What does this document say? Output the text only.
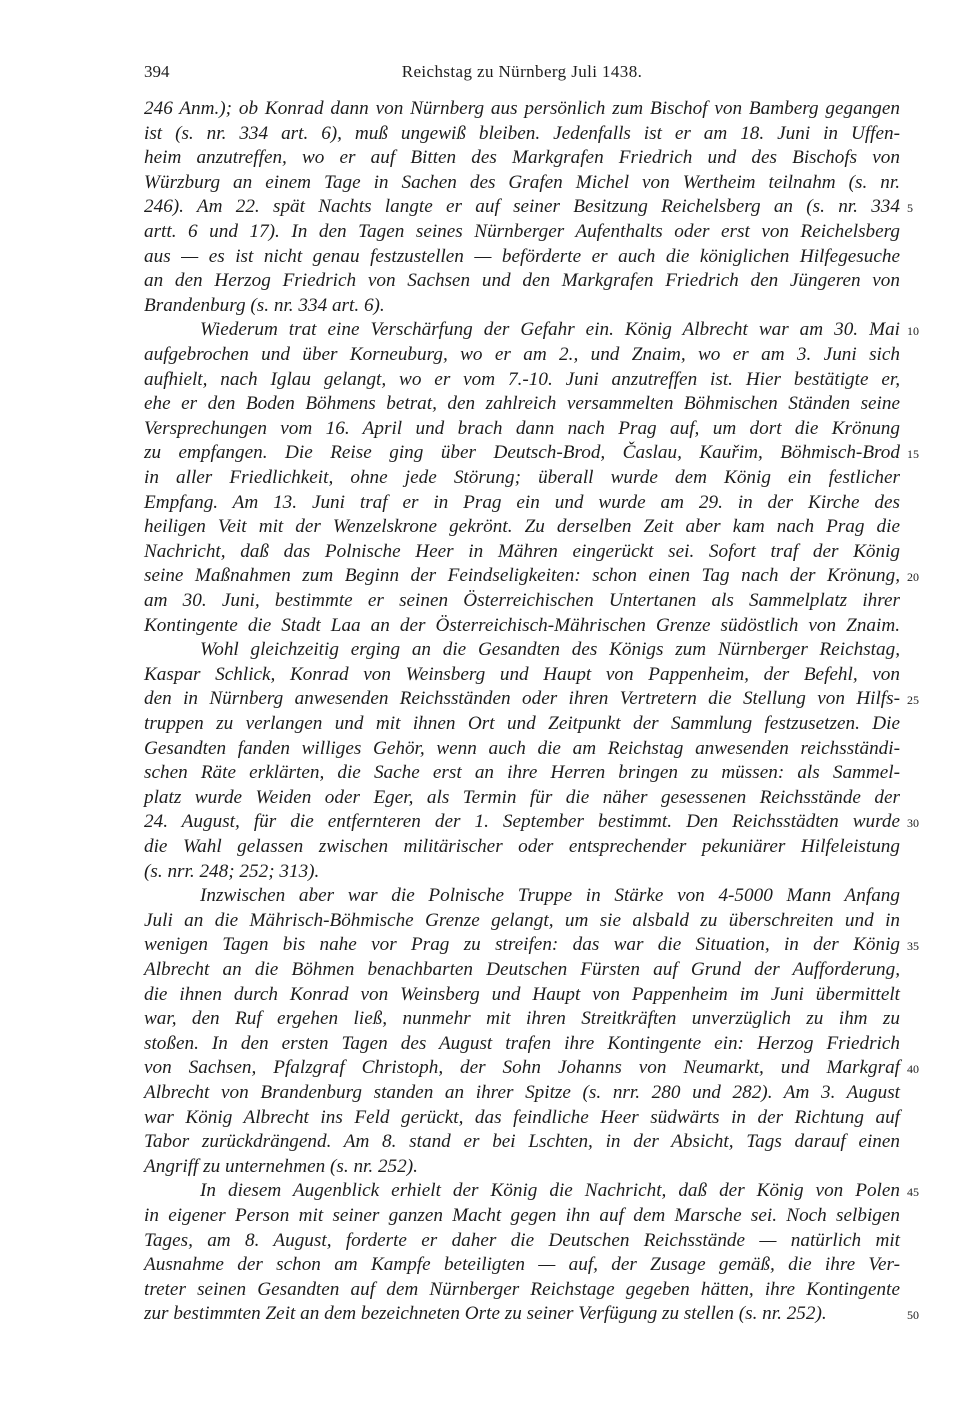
394	Reichstag zu Nürnberg Juli 1438.
246 Anm.); ob Konrad dann von Nürnberg aus persönlich zum Bischof von Bamberg gegangen
ist (s. nr. 334 art. 6), muß ungewiß bleiben. Jedenfalls ist er am 18. Juni in Uffen-
heim anzutreffen, wo er auf Bitten des Markgrafen Friedrich und des Bischofs von
Würzburg an einem Tage in Sachen des Grafen Michel von Wertheim teilnahm (s. nr.
246). Am 22. spät Nachts langte er auf seiner Besitzung Reichelsberg an (s. nr. 334
artt. 6 und 17). In den Tagen seines Nürnberger Aufenthalts oder erst von Reichelsberg
aus — es ist nicht genau festzustellen — beförderte er auch die königlichen Hilfegesuche
an den Herzog Friedrich von Sachsen und den Markgrafen Friedrich den Jüngeren von
Brandenburg (s. nr. 334 art. 6).
Wiederum trat eine Verschärfung der Gefahr ein. König Albrecht war am 30. Mai
aufgebrochen und über Korneuburg, wo er am 2., und Znaim, wo er am 3. Juni sich
aufhielt, nach Iglau gelangt, wo er vom 7.-10. Juni anzutreffen ist. Hier bestätigte er,
ehe er den Boden Böhmens betrat, den zahlreich versammelten Böhmischen Ständen seine
Versprechungen vom 16. April und brach dann nach Prag auf, um dort die Krönung
zu empfangen. Die Reise ging über Deutsch-Brod, Časlau, Kauřim, Böhmisch-Brod
in aller Friedlichkeit, ohne jede Störung; überall wurde dem König ein festlicher
Empfang. Am 13. Juni traf er in Prag ein und wurde am 29. in der Kirche des
heiligen Veit mit der Wenzelskrone gekrönt. Zu derselben Zeit aber kam nach Prag die
Nachricht, daß das Polnische Heer in Mähren eingerückt sei. Sofort traf der König
seine Maßnahmen zum Beginn der Feindseligkeiten: schon einen Tag nach der Krönung,
am 30. Juni, bestimmte er seinen Österreichischen Untertanen als Sammelplatz ihrer
Kontingente die Stadt Laa an der Österreichisch-Mährischen Grenze südöstlich von Znaim.
Wohl gleichzeitig erging an die Gesandten des Königs zum Nürnberger Reichstag,
Kaspar Schlick, Konrad von Weinsberg und Haupt von Pappenheim, der Befehl, von
den in Nürnberg anwesenden Reichsständen oder ihren Vertretern die Stellung von Hilfs-
truppen zu verlangen und mit ihnen Ort und Zeitpunkt der Sammlung festzusetzen. Die
Gesandten fanden williges Gehör, wenn auch die am Reichstag anwesenden reichsständi-
schen Räte erklärten, die Sache erst an ihre Herren bringen zu müssen: als Sammel-
platz wurde Weiden oder Eger, als Termin für die näher gesessenen Reichsstände der
24. August, für die entfernteren der 1. September bestimmt. Den Reichsstädten wurde
die Wahl gelassen zwischen militärischer oder entsprechender pekuniärer Hilfeleistung
(s. nrr. 248; 252; 313).
Inzwischen aber war die Polnische Truppe in Stärke von 4-5000 Mann Anfang
Juli an die Mährisch-Böhmische Grenze gelangt, um sie alsbald zu überschreiten und in
wenigen Tagen bis nahe vor Prag zu streifen: das war die Situation, in der König
Albrecht an die Böhmen benachbarten Deutschen Fürsten auf Grund der Aufforderung,
die ihnen durch Konrad von Weinsberg und Haupt von Pappenheim im Juni übermittelt
war, den Ruf ergehen ließ, nunmehr mit ihren Streitkräften unverzüglich zu ihm zu
stoßen. In den ersten Tagen des August trafen ihre Kontingente ein: Herzog Friedrich
von Sachsen, Pfalzgraf Christoph, der Sohn Johanns von Neumarkt, und Markgraf
Albrecht von Brandenburg standen an ihrer Spitze (s. nrr. 280 und 282). Am 3. August
war König Albrecht ins Feld gerückt, das feindliche Heer südwärts in der Richtung auf
Tabor zurückdrängend. Am 8. stand er bei Lschten, in der Absicht, Tags darauf einen
Angriff zu unternehmen (s. nr. 252).
In diesem Augenblick erhielt der König die Nachricht, daß der König von Polen
in eigener Person mit seiner ganzen Macht gegen ihn auf dem Marsche sei. Noch selbigen
Tages, am 8. August, forderte er daher die Deutschen Reichsstände — natürlich mit
Ausnahme der schon am Kampfe beteiligten — auf, der Zusage gemäß, die ihre Ver-
treter seinen Gesandten auf dem Nürnberger Reichstage gegeben hätten, ihre Kontingente
zur bestimmten Zeit an dem bezeichneten Orte zu seiner Verfügung zu stellen (s. nr. 252).
5
10
15
20
25
30
35
40
45
50
